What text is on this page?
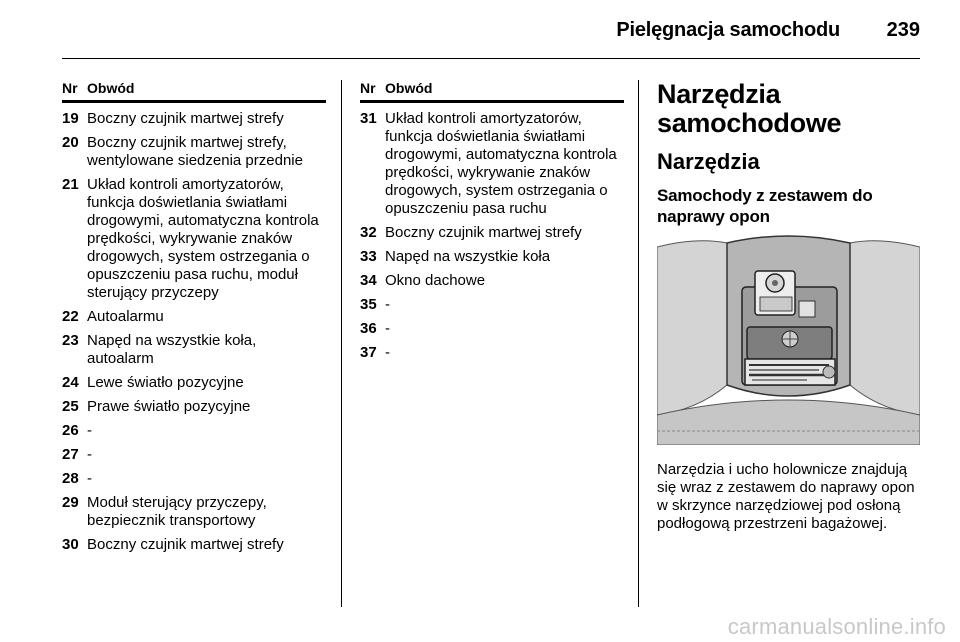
Pielęgnacja samochodu 239
Nr Obwód
19 Boczny czujnik martwej strefy
20 Boczny czujnik martwej strefy, wentylowane siedzenia przednie
21 Układ kontroli amortyzatorów, funkcja doświetlania światłami drogowymi, automatyczna kontrola prędkości, wykrywanie znaków drogowych, system ostrzegania o opuszczeniu pasa ruchu, moduł sterujący przyczepy
22 Autoalarmu
23 Napęd na wszystkie koła, autoalarm
24 Lewe światło pozycyjne
25 Prawe światło pozycyjne
26 -
27 -
28 -
29 Moduł sterujący przyczepy, bezpiecznik transportowy
30 Boczny czujnik martwej strefy
Nr Obwód
31 Układ kontroli amortyzatorów, funkcja doświetlania światłami drogowymi, automatyczna kontrola prędkości, wykrywanie znaków drogowych, system ostrzegania o opuszczeniu pasa ruchu
32 Boczny czujnik martwej strefy
33 Napęd na wszystkie koła
34 Okno dachowe
35 -
36 -
37 -
Narzędzia samochodowe
Narzędzia
Samochody z zestawem do naprawy opon
Narzędzia i ucho holownicze znajdują się wraz z zestawem do naprawy opon w skrzynce narzędziowej pod osłoną podłogową przestrzeni bagażowej.
carmanualsonline.info
